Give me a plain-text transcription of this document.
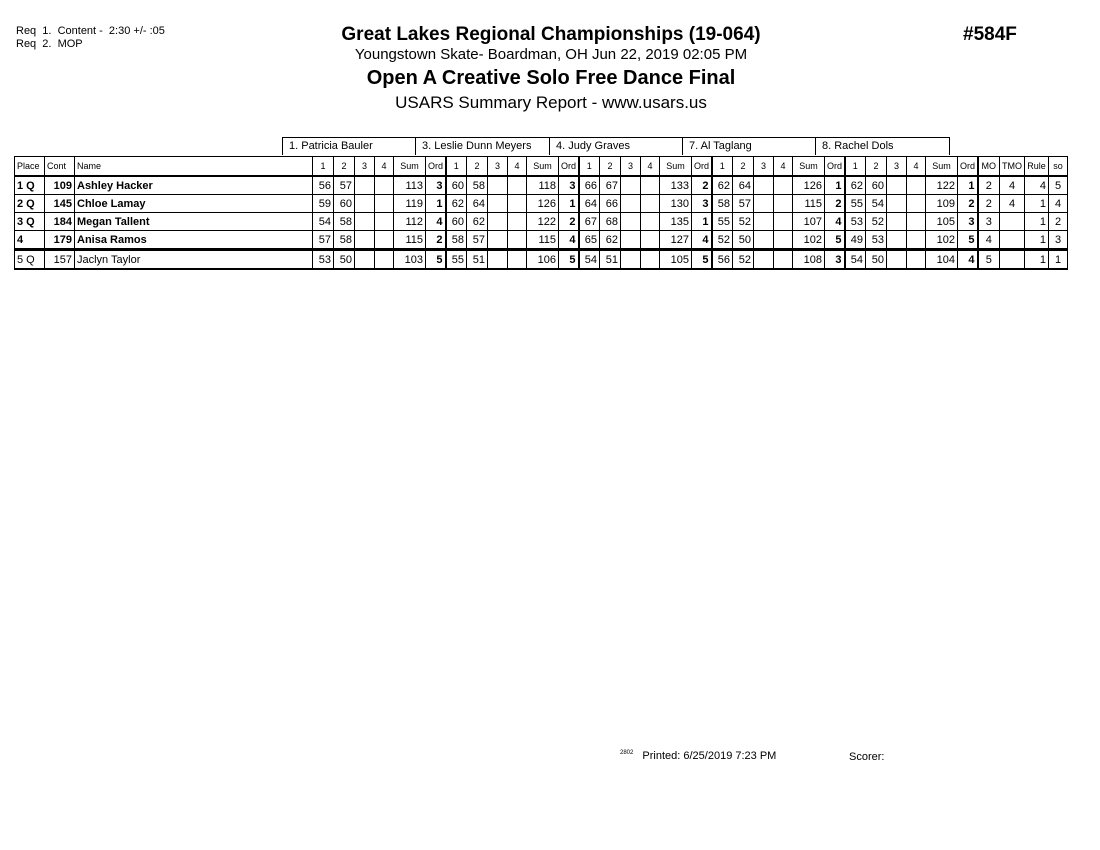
Req  1.  Content -  2:30 +/- :05
Req  2.  MOP	Great Lakes Regional Championships (19-064)
Youngstown Skate- Boardman, OH Jun 22, 2019 02:05 PM
Open A Creative Solo Free Dance Final
USARS Summary Report - www.usars.us
#584F
1. Patricia Bauler	3. Leslie Dunn Meyers	4. Judy Graves	7. Al Taglang	8. Rachel Dols
Place	Cont	Name	1	2	3	4	Sum	Ord	1	2	3	4	Sum	Ord	1	2	3	4	Sum	Ord	1	2	3	4	Sum	Ord	1	2	3	4	Sum	Ord	MO	TMO	Rule	so
1 Q	109	Ashley Hacker	56	57			113	3	60	58			118	3	66	67			133	2	62	64			126	1	62	60			122	1	2	4	4	5
2 Q	145	Chloe Lamay	59	60			119	1	62	64			126	1	64	66			130	3	58	57			115	2	55	54			109	2	2	4	1	4
3 Q	184	Megan Tallent	54	58			112	4	60	62			122	2	67	68			135	1	55	52			107	4	53	52			105	3	3		1	2
4	179	Anisa Ramos	57	58			115	2	58	57			115	4	65	62			127	4	52	50			102	5	49	53			102	5	4		1	3
5 Q	157	Jaclyn Taylor	53	50			103	5	55	51			106	5	54	51			105	5	56	52			108	3	54	50			104	4	5		1	1
$^{2802}$ Printed: 6/25/2019 7:23 PM	Scorer:
